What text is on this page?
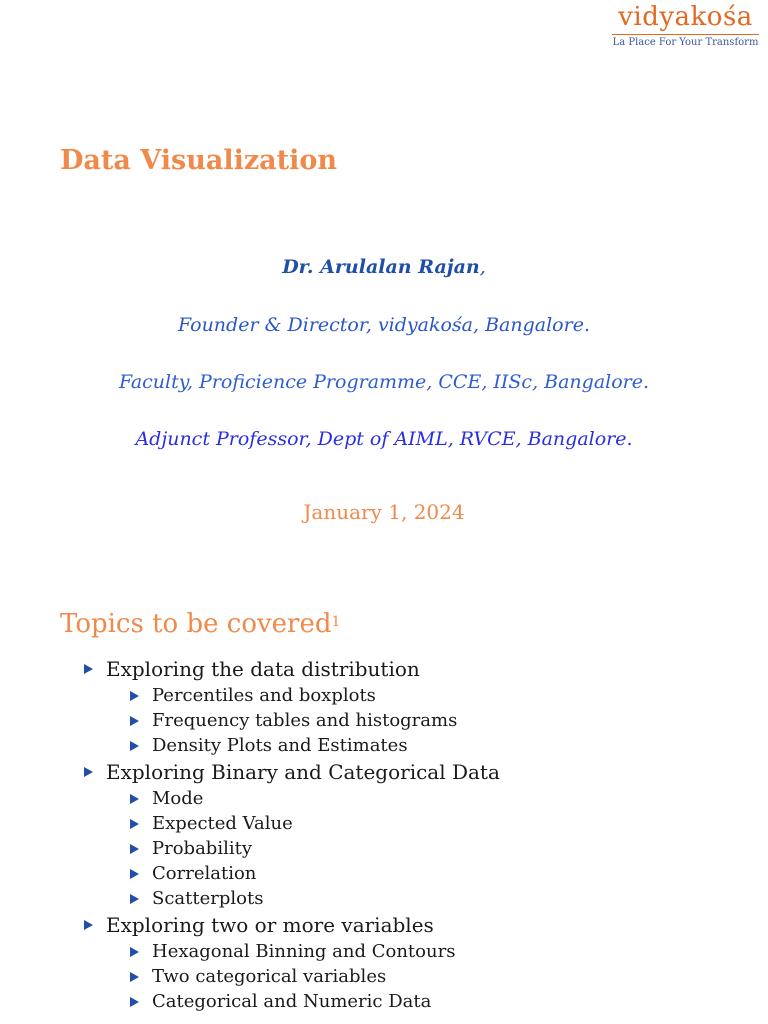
vidyakośa
La Place For Your Transform
Data Visualization

Dr. Arulalan Rajan,

Founder & Director, vidyakośa, Bangalore.

Faculty, Proficience Programme, CCE, IISc, Bangalore.

Adjunct Professor, Dept of AIML, RVCE, Bangalore.

January 1, 2024

Topics to be covered$^1$
Exploring the data distribution
Percentiles and boxplots
Frequency tables and histograms
Density Plots and Estimates
Exploring Binary and Categorical Data
Mode
Expected Value
Probability
Correlation
Scatterplots
Exploring two or more variables
Hexagonal Binning and Contours
Two categorical variables
Categorical and Numeric Data
